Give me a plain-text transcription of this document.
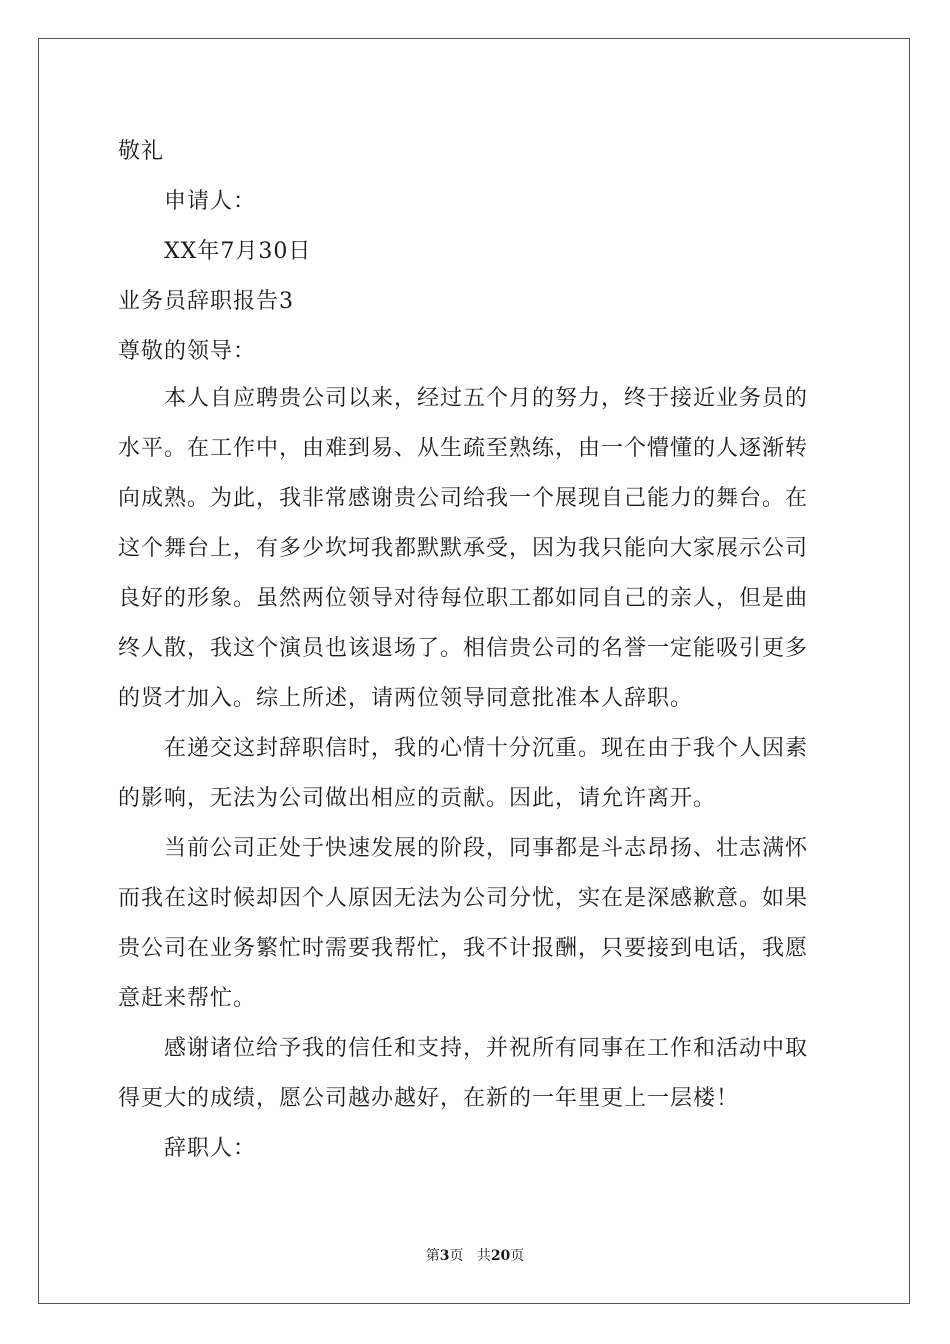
敬礼
申请人：
XX年7月30日
业务员辞职报告3
尊敬的领导：
本人自应聘贵公司以来，经过五个月的努力，终于接近业务员的
水平。在工作中，由难到易、从生疏至熟练，由一个懵懂的人逐渐转
向成熟。为此，我非常感谢贵公司给我一个展现自己能力的舞台。在
这个舞台上，有多少坎坷我都默默承受，因为我只能向大家展示公司
良好的形象。虽然两位领导对待每位职工都如同自己的亲人，但是曲
终人散，我这个演员也该退场了。相信贵公司的名誉一定能吸引更多
的贤才加入。综上所述，请两位领导同意批准本人辞职。
在递交这封辞职信时，我的心情十分沉重。现在由于我个人因素
的影响，无法为公司做出相应的贡献。因此，请允许离开。
当前公司正处于快速发展的阶段，同事都是斗志昂扬、壮志满怀
而我在这时候却因个人原因无法为公司分忧，实在是深感歉意。如果
贵公司在业务繁忙时需要我帮忙，我不计报酬，只要接到电话，我愿
意赶来帮忙。
感谢诸位给予我的信任和支持，并祝所有同事在工作和活动中取
得更大的成绩，愿公司越办越好，在新的一年里更上一层楼！
辞职人：
第3页 共20页
